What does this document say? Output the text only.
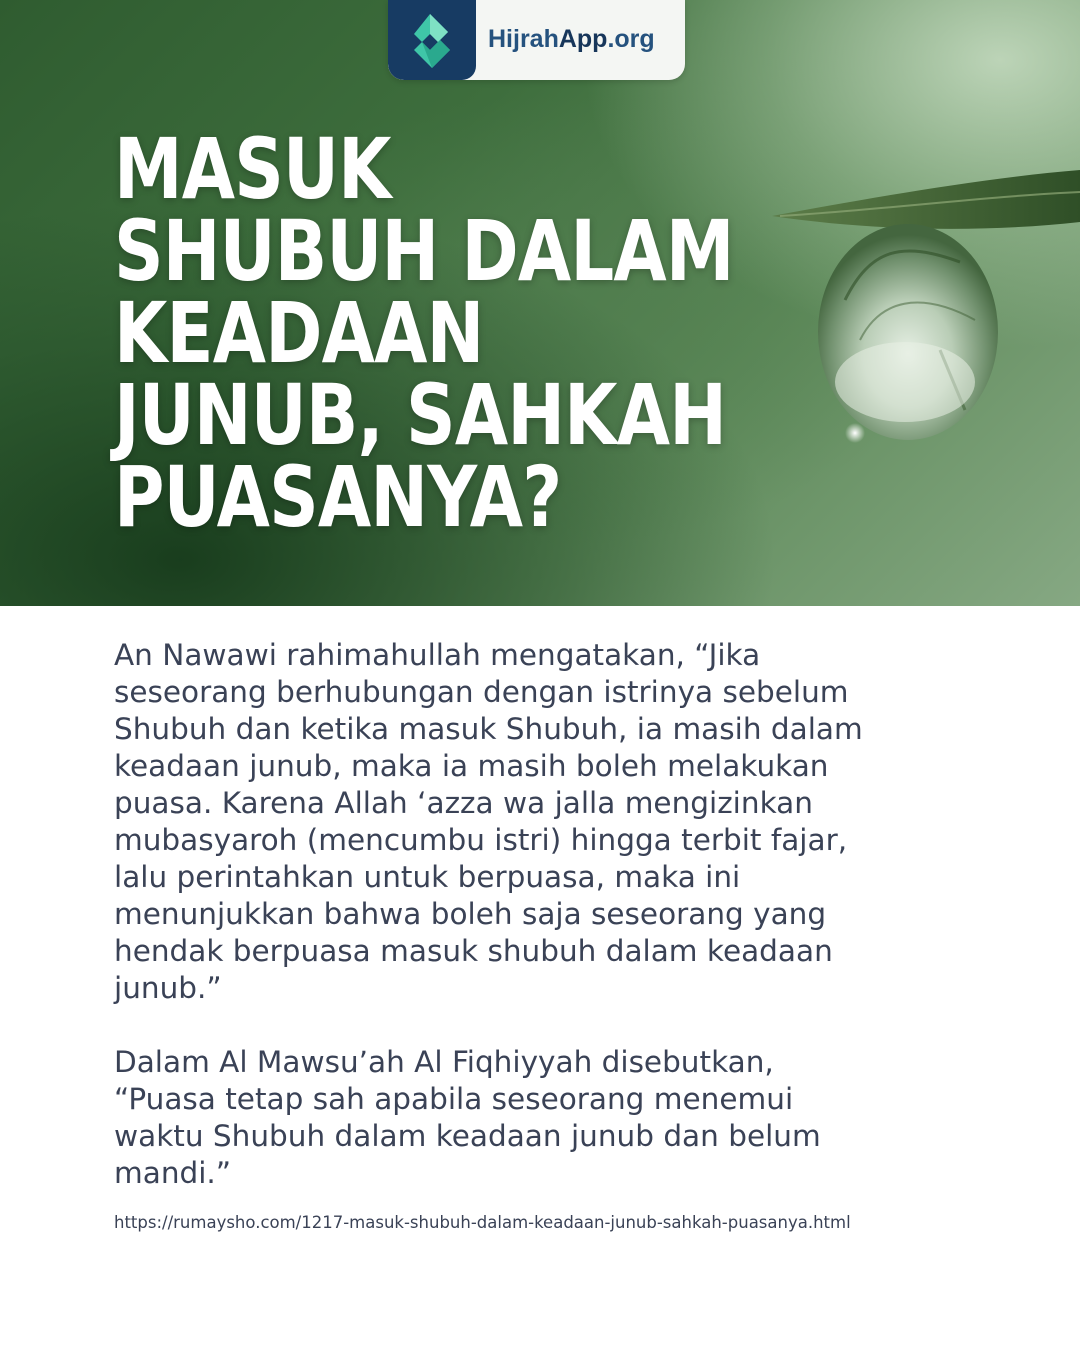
HijrahApp.org
MASUK
SHUBUH DALAM
KEADAAN
JUNUB, SAHKAH
PUASANYA?

An Nawawi rahimahullah mengatakan, “Jika

seseorang berhubungan dengan istrinya sebelum

Shubuh dan ketika masuk Shubuh, ia masih dalam

keadaan junub, maka ia masih boleh melakukan

puasa. Karena Allah ‘azza wa jalla mengizinkan

mubasyaroh (mencumbu istri) hingga terbit fajar,

lalu perintahkan untuk berpuasa, maka ini

menunjukkan bahwa boleh saja seseorang yang

hendak berpuasa masuk shubuh dalam keadaan

junub.”

Dalam Al Mawsu’ah Al Fiqhiyyah disebutkan,

“Puasa tetap sah apabila seseorang menemui

waktu Shubuh dalam keadaan junub dan belum

mandi.”

https://rumaysho.com/1217-masuk-shubuh-dalam-keadaan-junub-sahkah-puasanya.html
